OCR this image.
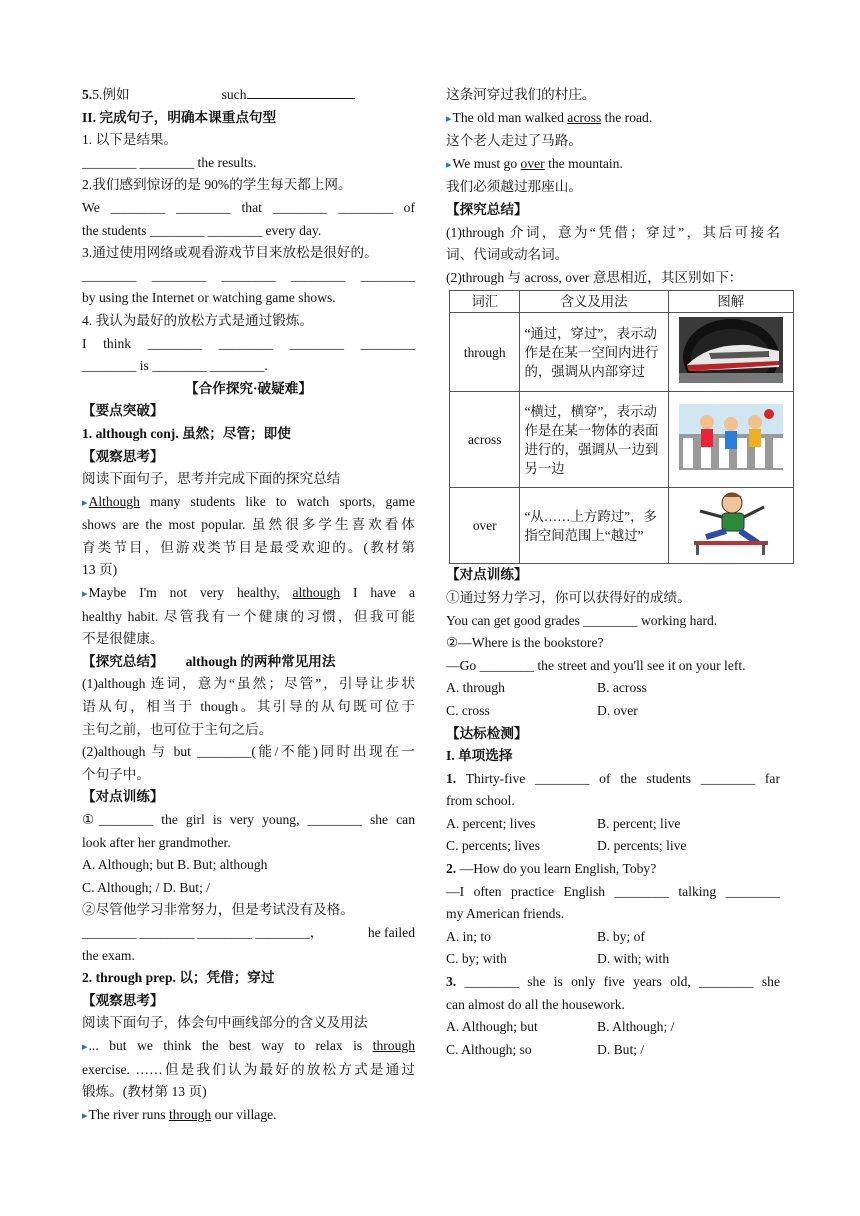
5.5.例如	such
II. 完成句子，明确本课重点句型
1. 以下是结果。
________ ________ the results.
2.我们感到惊讶的是 90%的学生每天都上网。
We ________ ________ that ________ ________ of
the students ________ ________ every day.
3.通过使用网络或观看游戏节目来放松是很好的。
________ ________ ________ ________ ________
by using the Internet or watching game shows.
4. 我认为最好的放松方式是通过锻炼。
I think ________ ________ ________ ________
________ is ________ ________.
【合作探究·破疑难】
【要点突破】
1. although conj. 虽然；尽管；即使
【观察思考】
阅读下面句子，思考并完成下面的探究总结
▸ Although many students like to watch sports, game
shows are the most popular. 虽然很多学生喜欢看体
育类节目，但游戏类节目是最受欢迎的。(教材第
13 页)
▸ Maybe I'm not very healthy, although I have a
healthy habit. 尽管我有一个健康的习惯，但我可能
不是很健康。
【探究总结】 although 的两种常见用法
(1)although 连词，意为“虽然；尽管”，引导让步状
语从句，相当于 though。其引导的从句既可位于
主句之前，也可位于主句之后。
(2)although 与 but ________(能/不能)同时出现在一
个句子中。
【对点训练】
①________ the girl is very young, ________ she can
look after her grandmother.
A. Although; but B. But; although
C. Although; / D. But; /
②尽管他学习非常努力，但是考试没有及格。
________ ________ ________ ________，	he failed
the exam.
2. through prep. 以；凭借；穿过
【观察思考】
阅读下面句子，体会句中画线部分的含义及用法
▸ ... but we think the best way to relax is through
exercise. ……但是我们认为最好的放松方式是通过
锻炼。(教材第 13 页)
▸ The river runs through our village.
这条河穿过我们的村庄。
▸ The old man walked across the road.
这个老人走过了马路。
▸ We must go over the mountain.
我们必须越过那座山。
【探究总结】
(1)through 介词，意为“凭借；穿过”，其后可接名
词、代词或动名词。
(2)through 与 across, over 意思相近，其区别如下：
词汇	含义及用法	图解
through	“通过，穿过”，表示动作是在某一空间内进行的，强调从内部穿过	
across	“横过，横穿”，表示动作是在某一物体的表面进行的，强调从一边到另一边	
over	“从……上方跨过”，多指空间范围上“越过”	
【对点训练】
①通过努力学习，你可以获得好的成绩。
You can get good grades ________ working hard.
②—Where is the bookstore?
—Go ________ the street and you'll see it on your left.
A. through	B. across
C. cross	D. over
【达标检测】
I. 单项选择
1. Thirty-five ________ of the students ________ far
from school.
A. percent; lives	B. percent; live
C. percents; lives	D. percents; live
2. —How do you learn English, Toby?
—I often practice English ________ talking ________
my American friends.
A. in; to	B. by; of
C. by; with	D. with; with
3. ________ she is only five years old, ________ she
can almost do all the housework.
A. Although; but	B. Although; /
C. Although; so	D. But; /
